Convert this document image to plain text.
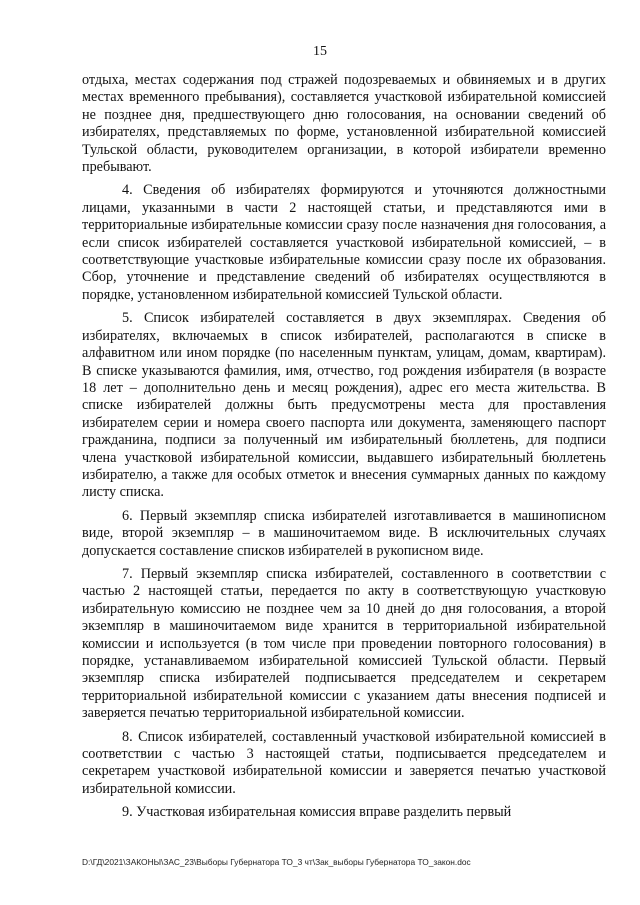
15

отдыха, местах содержания под стражей подозреваемых и обвиняемых и в других местах временного пребывания), составляется участковой избирательной комиссией не позднее дня, предшествующего дню голосования, на основании сведений об избирателях, представляемых по форме, установленной избирательной комиссией Тульской области, руководителем организации, в которой избиратели временно пребывают.

4. Сведения об избирателях формируются и уточняются должностными лицами, указанными в части 2 настоящей статьи, и представляются ими в территориальные избирательные комиссии сразу после назначения дня голосования, а если список избирателей составляется участковой избирательной комиссией, – в соответствующие участковые избирательные комиссии сразу после их образования. Сбор, уточнение и представление сведений об избирателях осуществляются в порядке, установленном избирательной комиссией Тульской области.

5. Список избирателей составляется в двух экземплярах. Сведения об избирателях, включаемых в список избирателей, располагаются в списке в алфавитном или ином порядке (по населенным пунктам, улицам, домам, квартирам). В списке указываются фамилия, имя, отчество, год рождения избирателя (в возрасте 18 лет – дополнительно день и месяц рождения), адрес его места жительства. В списке избирателей должны быть предусмотрены места для проставления избирателем серии и номера своего паспорта или документа, заменяющего паспорт гражданина, подписи за полученный им избирательный бюллетень, для подписи члена участковой избирательной комиссии, выдавшего избирательный бюллетень избирателю, а также для особых отметок и внесения суммарных данных по каждому листу списка.

6. Первый экземпляр списка избирателей изготавливается в машинописном виде, второй экземпляр – в машиночитаемом виде. В исключительных случаях допускается составление списков избирателей в рукописном виде.

7. Первый экземпляр списка избирателей, составленного в соответствии с частью 2 настоящей статьи, передается по акту в соответствующую участковую избирательную комиссию не позднее чем за 10 дней до дня голосования, а второй экземпляр в машиночитаемом виде хранится в территориальной избирательной комиссии и используется (в том числе при проведении повторного голосования) в порядке, устанавливаемом избирательной комиссией Тульской области. Первый экземпляр списка избирателей подписывается председателем и секретарем территориальной избирательной комиссии с указанием даты внесения подписей и заверяется печатью территориальной избирательной комиссии.

8. Список избирателей, составленный участковой избирательной комиссией в соответствии с частью 3 настоящей статьи, подписывается председателем и секретарем участковой избирательной комиссии и заверяется печатью участковой избирательной комиссии.

9. Участковая избирательная комиссия вправе разделить первый

D:\ГД\2021\ЗАКОНЫ\ЗАС_23\Выборы Губернатора ТО_3 чт\Зак_выборы Губернатора ТО_закон.doc
